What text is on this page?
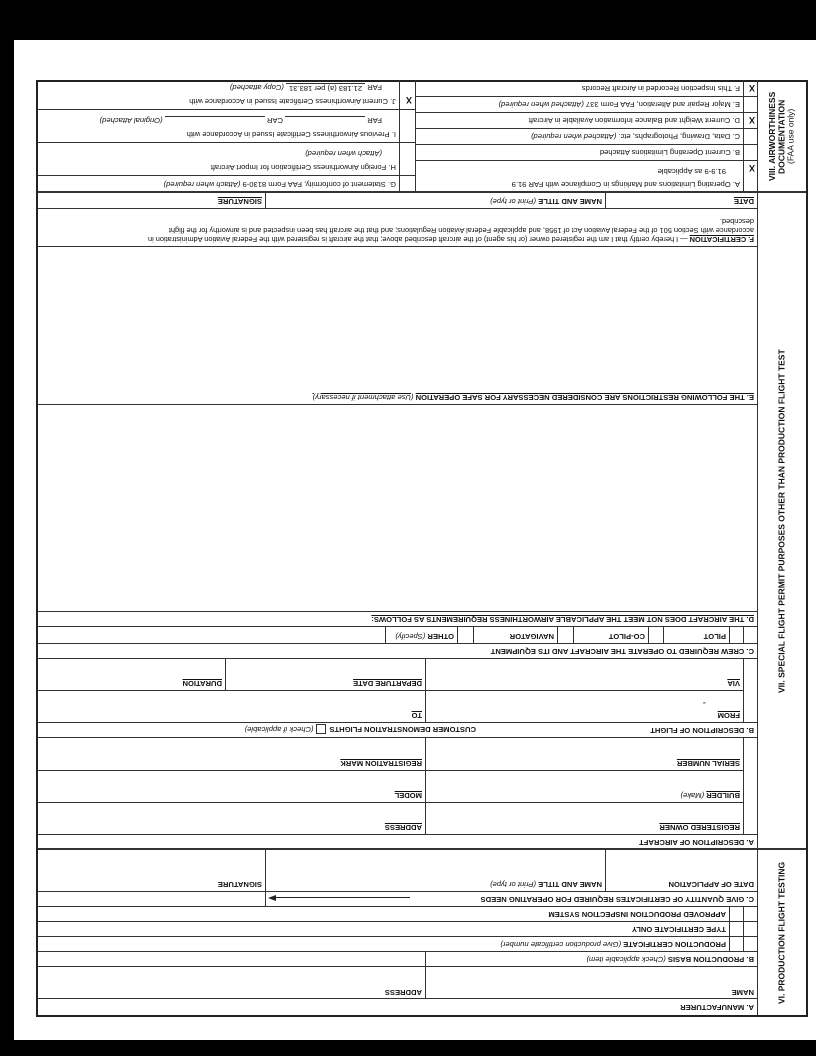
VI. PRODUCTION FLIGHT TESTING
A. MANUFACTURER
NAME
ADDRESS
B. PRODUCTION BASIS (Check applicable item)
PRODUCTION CERTIFICATE (Give production certificate number)
TYPE CERTIFICATE ONLY
APPROVED PRODUCTION INSPECTION SYSTEM
C. GIVE QUANTITY OF CERTIFICATES REQUIRED FOR OPERATING NEEDS
DATE OF APPLICATION
NAME AND TITLE (Print or type)
SIGNATURE
VII. SPECIAL FLIGHT PERMIT PURPOSES OTHER THAN PRODUCTION FLIGHT TEST
A. DESCRIPTION OF AIRCRAFT
REGISTERED OWNER
ADDRESS
BUILDER (Make)
MODEL
SERIAL NUMBER
REGISTRATION MARK
B. DESCRIPTION OF FLIGHT
CUSTOMER DEMONSTRATION FLIGHTS(Check if applicable)
FROM
-
TO
VIA
DEPARTURE DATE
DURATION
C. CREW REQUIRED TO OPERATE THE AIRCRAFT AND ITS EQUIPMENT
PILOT
CO-PILOT
NAVIGATOR
OTHER (Specify)
D. THE AIRCRAFT DOES NOT MEET THE APPLICABLE AIRWORTHINESS REQUIREMENTS AS FOLLOWS:
E. THE FOLLOWING RESTRICTIONS ARE CONSIDERED NECESSARY FOR SAFE OPERATION (Use attachment if necessary)
F. CERTIFICATION — I hereby certify that I am the registered owner (or his agent) of the aircraft described above; that the aircraft is registered with the Federal Aviation Administration in
accordance with Section 501 of the Federal Aviation Act of 1958, and applicable Federal Aviation Regulations; and that the aircraft has been inspected and is airworthy for the flight
described.
DATE
NAME AND TITLE (Print or type)
SIGNATURE
VIII. AIRWORTHINESS
DOCUMENTATION
(FAA use only)
X
A. Operating Limitations and Markings in Compliance with FAR 91.9
91.9-9 as Applicable
B. Current Operating Limitations Attached
C. Data, Drawing, Photographs, etc. (Attached when required)
X
D. Current Weight and Balance Information Available in Aircraft
E. Major Repair and Alteration, FAA Form 337 (Attached when required)
X
F. This Inspection Recorded in Aircraft Records
G. Statement of conformity, FAA Form 8130-9 (Attach when required)
H. Foreign Airworthiness Certification for Import Aircraft
(Attach when required)
I. Previous Airworthiness Certificate Issued in Accordance with
FAR  CAR  (Original Attached)
X
J. Current Airworthiness Certificate Issued in Accordance with
FAR 21.183 (a) per 183.31 (Copy attached)
